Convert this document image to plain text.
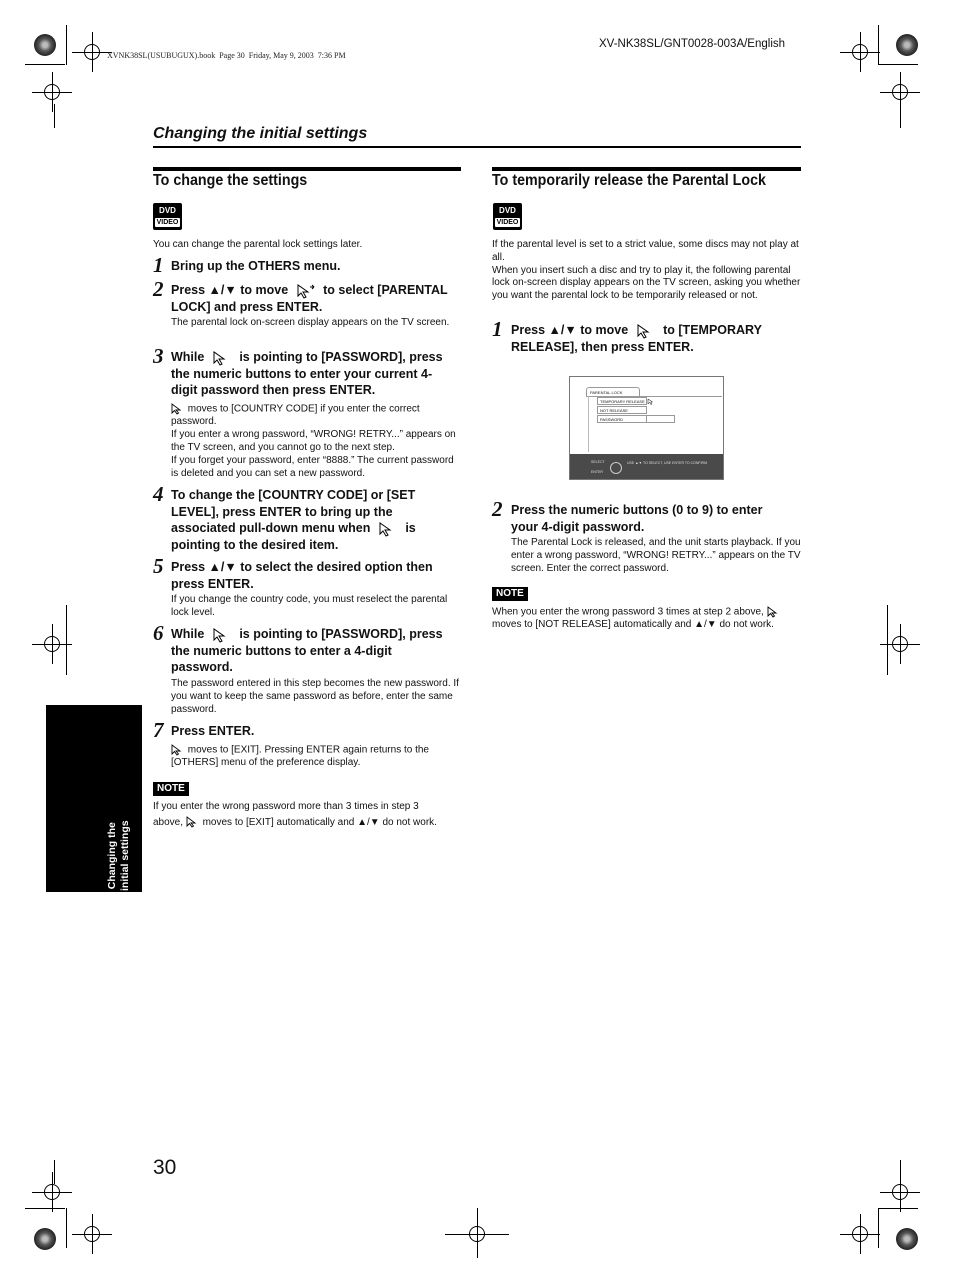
XV-NK38SL/GNT0028-003A/English
XVNK38SL(USUBUGUX).book  Page 30  Friday, May 9, 2003  7:36 PM
Changing the initial settings
To change the settings
DVD
VIDEO
You can change the parental lock settings later.
1 Bring up the OTHERS menu.
2 Press ▲/▼ to move	to select [PARENTAL
LOCK] and press ENTER.
The parental lock on-screen display appears on the TV screen.
3 While	is pointing to [PASSWORD], press
the numeric buttons to enter your current 4-
digit password then press ENTER.
moves to [COUNTRY CODE] if you enter the correct password.
If you enter a wrong password, “WRONG! RETRY...” appears on the TV screen, and you cannot go to the next step.
If you forget your password, enter “8888.” The current password is deleted and you can set a new password.
4 To change the [COUNTRY CODE] or [SET
LEVEL], press ENTER to bring up the
associated pull-down menu when	is
pointing to the desired item.
5 Press ▲/▼ to select the desired option then
press ENTER.
If you change the country code, you must reselect the parental lock level.
6 While	is pointing to [PASSWORD], press
the numeric buttons to enter a 4-digit
password.
The password entered in this step becomes the new password. If you want to keep the same password as before, enter the same password.
7 Press ENTER.
moves to [EXIT]. Pressing ENTER again returns to the [OTHERS] menu of the preference display.
NOTE
If you enter the wrong password more than 3 times in step 3
above, moves to [EXIT] automatically and ▲/▼ do not work.
To temporarily release the Parental Lock
DVD
VIDEO
If the parental level is set to a strict value, some discs may not play at all.
When you insert such a disc and try to play it, the following parental lock on-screen display appears on the TV screen, asking you whether you want the parental lock to be temporarily released or not.
1 Press ▲/▼ to move	to [TEMPORARY
RELEASE], then press ENTER.
PARENTAL LOCK
TEMPORARY RELEASE
NOT RELEASE
PASSWORD
SELECT

ENTER
USE ▲▼ TO SELECT, USE ENTER TO CONFIRM
2 Press the numeric buttons (0 to 9) to enter
your 4-digit password.
The Parental Lock is released, and the unit starts playback. If you enter a wrong password, “WRONG! RETRY...” appears on the TV screen. Enter the correct password.
NOTE
When you enter the wrong password 3 times at step 2 above,
moves to [NOT RELEASE] automatically and ▲/▼ do not work.
Changing the initial settings
30
